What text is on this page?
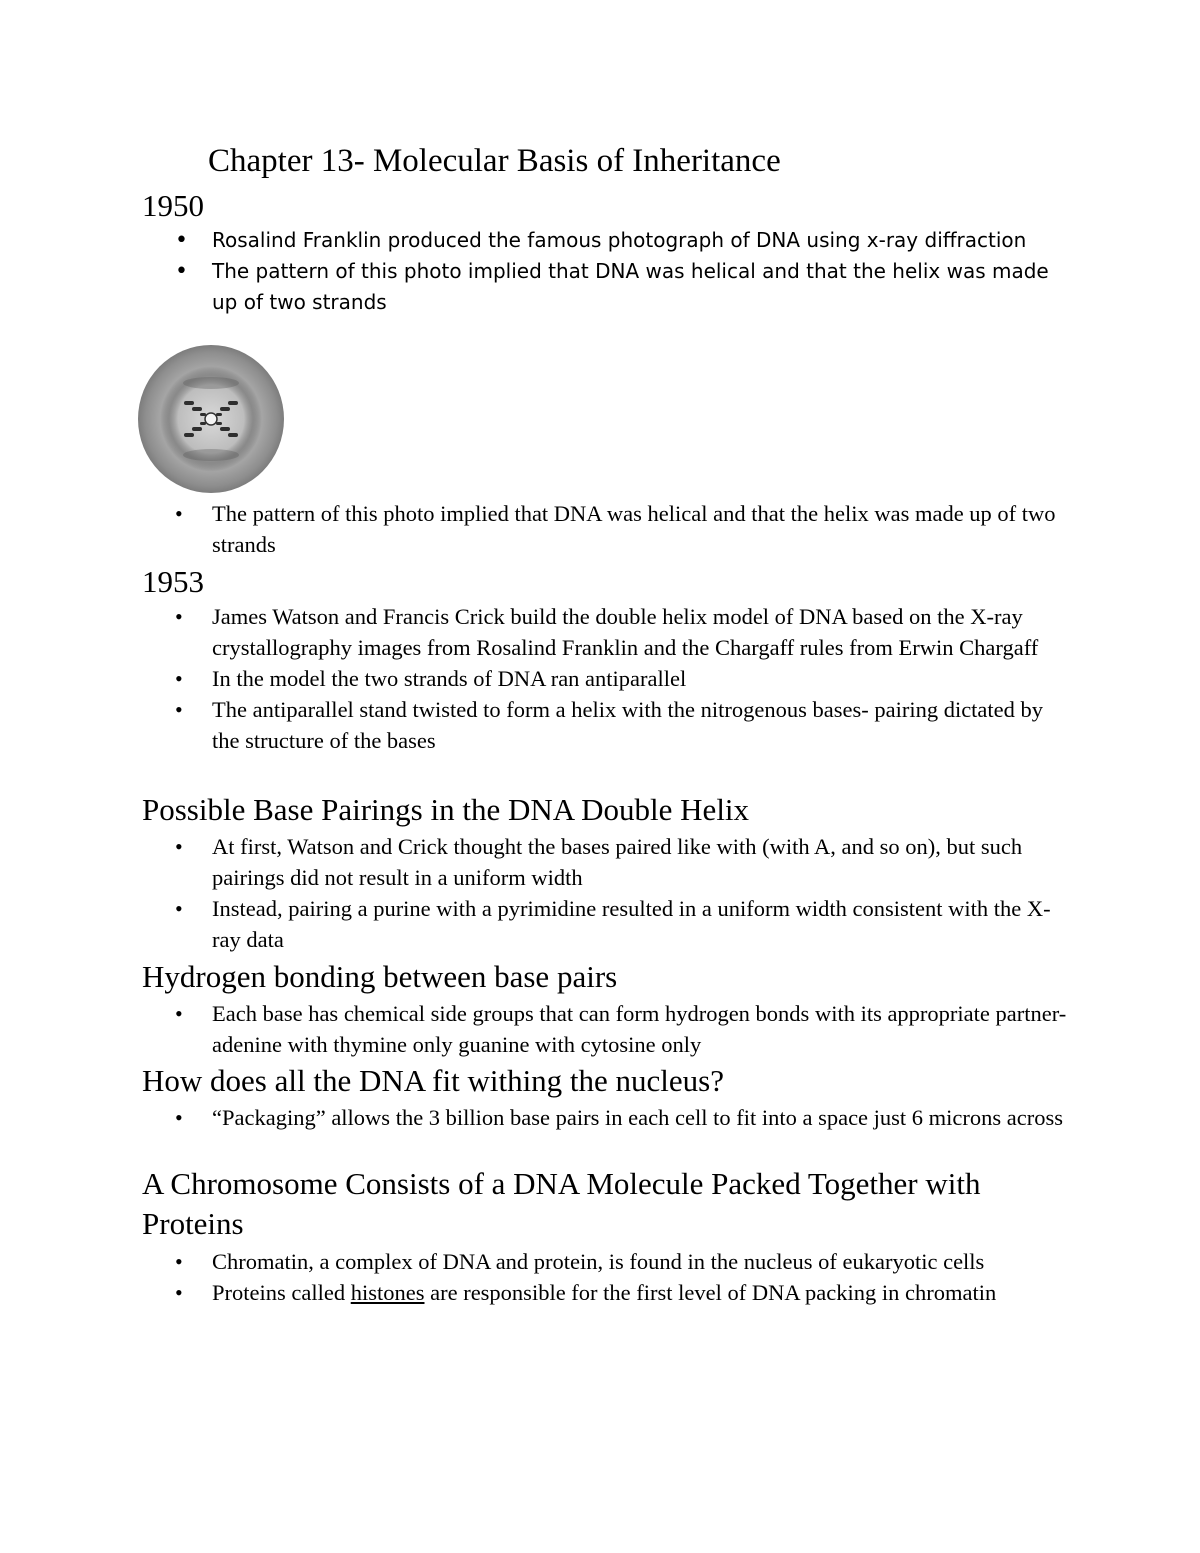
Chapter 13- Molecular Basis of Inheritance
1950
• Rosalind Franklin produced the famous photograph of DNA using x-ray diffraction
• The pattern of this photo implied that DNA was helical and that the helix was made up of two strands
• The pattern of this photo implied that DNA was helical and that the helix was made up of two strands
1953
• James Watson and Francis Crick build the double helix model of DNA based on the X-ray crystallography images from Rosalind Franklin and the Chargaff rules from Erwin Chargaff
• In the model the two strands of DNA ran antiparallel
• The antiparallel stand twisted to form a helix with the nitrogenous bases- pairing dictated by the structure of the bases
Possible Base Pairings in the DNA Double Helix
• At first, Watson and Crick thought the bases paired like with (with A, and so on), but such pairings did not result in a uniform width
• Instead, pairing a purine with a pyrimidine resulted in a uniform width consistent with the X-ray data
Hydrogen bonding between base pairs
• Each base has chemical side groups that can form hydrogen bonds with its appropriate partner- adenine with thymine only guanine with cytosine only
How does all the DNA fit withing the nucleus?
• “Packaging” allows the 3 billion base pairs in each cell to fit into a space just 6 microns across
A Chromosome Consists of a DNA Molecule Packed Together with Proteins
• Chromatin, a complex of DNA and protein, is found in the nucleus of eukaryotic cells
• Proteins called histones are responsible for the first level of DNA packing in chromatin
